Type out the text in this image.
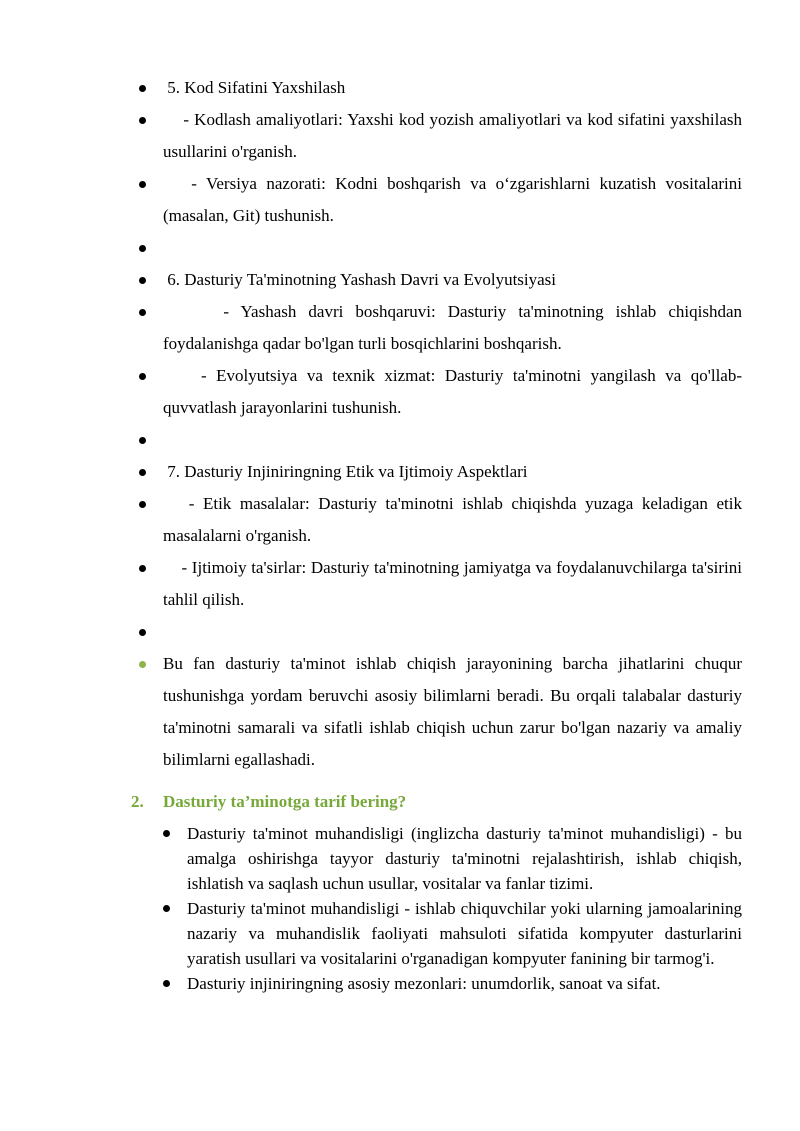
5. Kod Sifatini Yaxshilash
- Kodlash amaliyotlari: Yaxshi kod yozish amaliyotlari va kod sifatini yaxshilash usullarini o'rganish.
- Versiya nazorati: Kodni boshqarish va o‘zgarishlarni kuzatish vositalarini (masalan, Git) tushunish.
6. Dasturiy Ta'minotning Yashash Davri va Evolyutsiyasi
- Yashash davri boshqaruvi: Dasturiy ta'minotning ishlab chiqishdan foydalanishga qadar bo'lgan turli bosqichlarini boshqarish.
- Evolyutsiya va texnik xizmat: Dasturiy ta'minotni yangilash va qo'llab-quvvatlash jarayonlarini tushunish.
7. Dasturiy Injiniringning Etik va Ijtimoiy Aspektlari
- Etik masalalar: Dasturiy ta'minotni ishlab chiqishda yuzaga keladigan etik masalalarni o'rganish.
- Ijtimoiy ta'sirlar: Dasturiy ta'minotning jamiyatga va foydalanuvchilarga ta'sirini tahlil qilish.
Bu fan dasturiy ta'minot ishlab chiqish jarayonining barcha jihatlarini chuqur tushunishga yordam beruvchi asosiy bilimlarni beradi. Bu orqali talabalar dasturiy ta'minotni samarali va sifatli ishlab chiqish uchun zarur bo'lgan nazariy va amaliy bilimlarni egallashadi.
2. Dasturiy ta’minotga tarif bering?
Dasturiy ta'minot muhandisligi (inglizcha dasturiy ta'minot muhandisligi) - bu amalga oshirishga tayyor dasturiy ta'minotni rejalashtirish, ishlab chiqish, ishlatish va saqlash uchun usullar, vositalar va fanlar tizimi.
Dasturiy ta'minot muhandisligi - ishlab chiquvchilar yoki ularning jamoalarining nazariy va muhandislik faoliyati mahsuloti sifatida kompyuter dasturlarini yaratish usullari va vositalarini o'rganadigan kompyuter fanining bir tarmog'i.
Dasturiy injiniringning asosiy mezonlari: unumdorlik, sanoat va sifat.
